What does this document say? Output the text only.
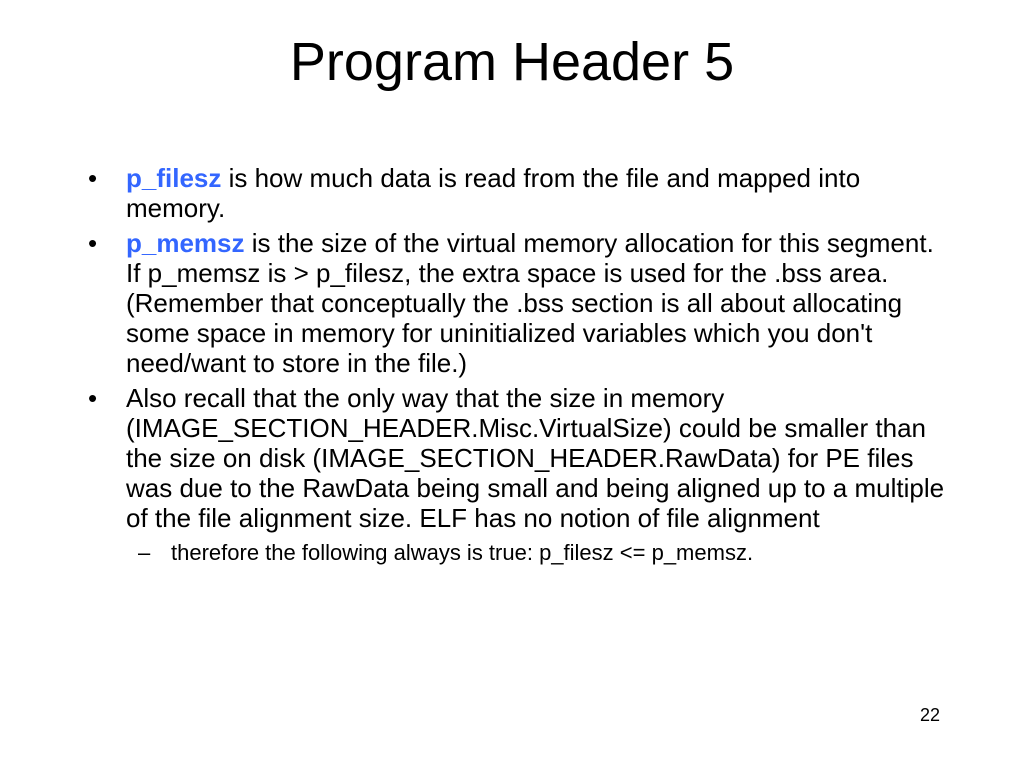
Program Header 5
•	p_filesz is how much data is read from the file and mapped into memory.
•	p_memsz is the size of the virtual memory allocation for this segment. If p_memsz is > p_filesz, the extra space is used for the .bss area. (Remember that conceptually the .bss section is all about allocating some space in memory for uninitialized variables which you don't need/want to store in the file.)
•	Also recall that the only way that the size in memory (IMAGE_SECTION_HEADER.Misc.VirtualSize) could be smaller than the size on disk (IMAGE_SECTION_HEADER.RawData) for PE files was due to the RawData being small and being aligned up to a multiple of the file alignment size. ELF has no notion of file alignment
– therefore the following always is true: p_filesz <= p_memsz.
22
